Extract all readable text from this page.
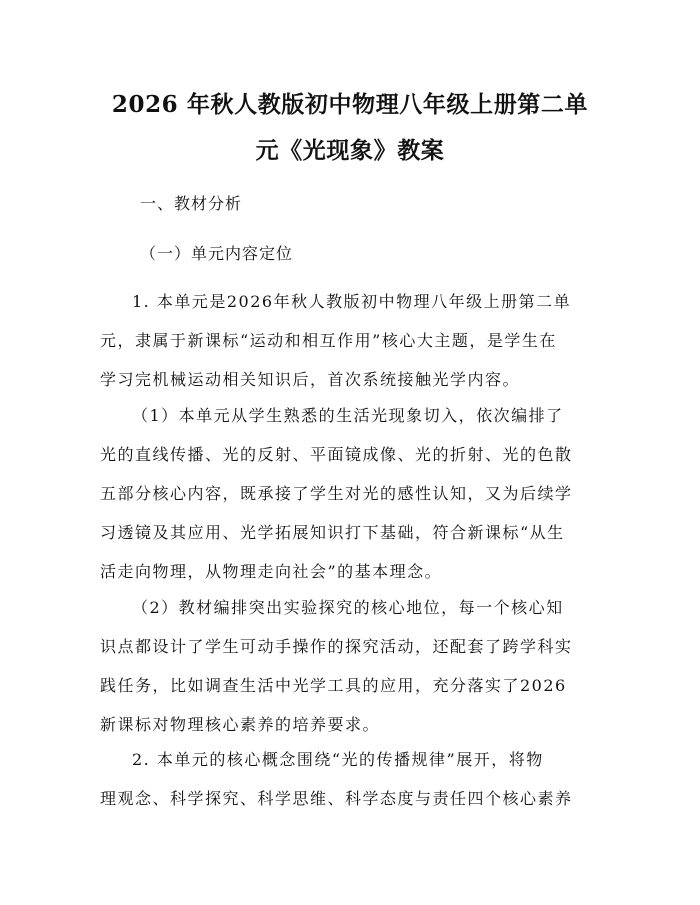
2026 年秋人教版初中物理八年级上册第二单
元《光现象》教案
一、教材分析
（一）单元内容定位
1. 本单元是2026年秋人教版初中物理八年级上册第二单
元，隶属于新课标“运动和相互作用”核心大主题，是学生在
学习完机械运动相关知识后，首次系统接触光学内容。
（1）本单元从学生熟悉的生活光现象切入，依次编排了
光的直线传播、光的反射、平面镜成像、光的折射、光的色散
五部分核心内容，既承接了学生对光的感性认知，又为后续学
习透镜及其应用、光学拓展知识打下基础，符合新课标“从生
活走向物理，从物理走向社会”的基本理念。
（2）教材编排突出实验探究的核心地位，每一个核心知
识点都设计了学生可动手操作的探究活动，还配套了跨学科实
践任务，比如调查生活中光学工具的应用，充分落实了2026
新课标对物理核心素养的培养要求。
2. 本单元的核心概念围绕“光的传播规律”展开，将物
理观念、科学探究、科学思维、科学态度与责任四个核心素养
